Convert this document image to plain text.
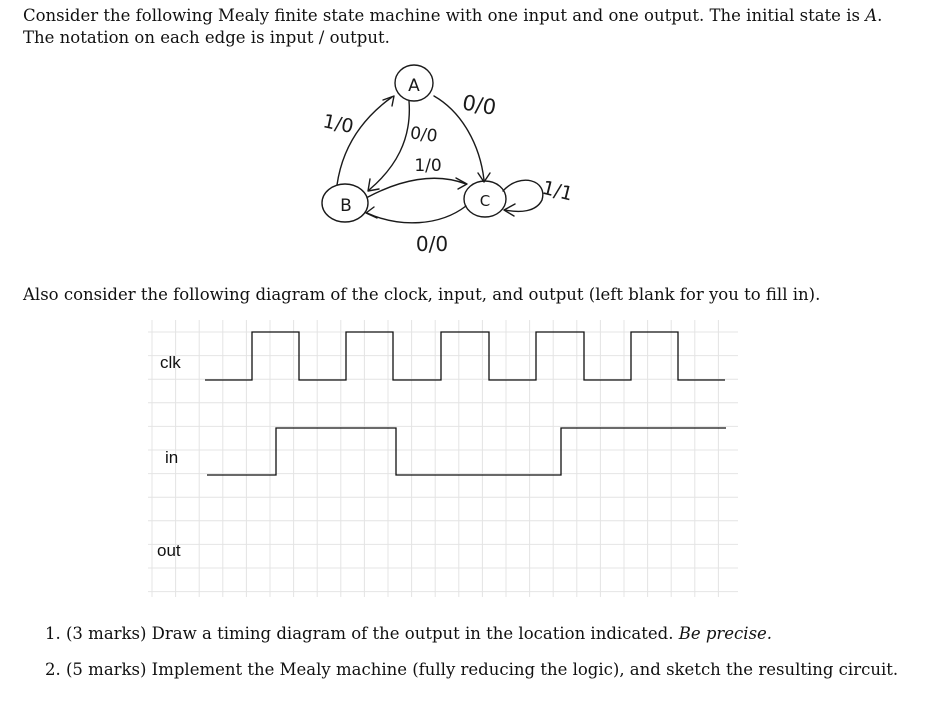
Consider the following Mealy finite state machine with one input and one output. The initial state is A.
The notation on each edge is input / output.
A
B	C
1/0	0/0
0/0
1/0
0/0
1/1
Also consider the following diagram of the clock, input, and output (left blank for you to fill in).
clk
in
out
1. (3 marks) Draw a timing diagram of the output in the location indicated. Be precise.
2. (5 marks) Implement the Mealy machine (fully reducing the logic), and sketch the resulting circuit.
